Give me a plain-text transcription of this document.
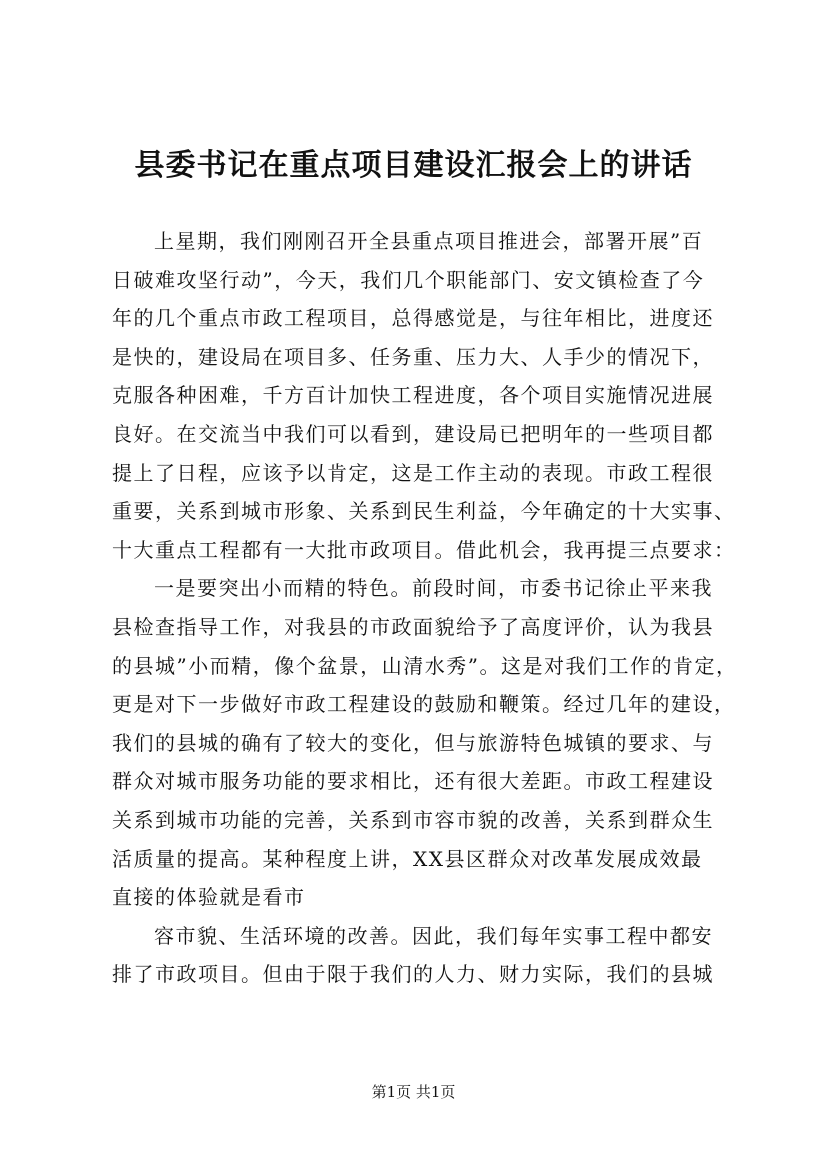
县委书记在重点项目建设汇报会上的讲话
上星期，我们刚刚召开全县重点项目推进会，部署开展”百
日破难攻坚行动”，今天，我们几个职能部门、安文镇检查了今
年的几个重点市政工程项目，总得感觉是，与往年相比，进度还
是快的，建设局在项目多、任务重、压力大、人手少的情况下，
克服各种困难，千方百计加快工程进度，各个项目实施情况进展
良好。在交流当中我们可以看到，建设局已把明年的一些项目都
提上了日程，应该予以肯定，这是工作主动的表现。市政工程很
重要，关系到城市形象、关系到民生利益，今年确定的十大实事、
十大重点工程都有一大批市政项目。借此机会，我再提三点要求：
一是要突出小而精的特色。前段时间，市委书记徐止平来我
县检查指导工作，对我县的市政面貌给予了高度评价，认为我县
的县城”小而精，像个盆景，山清水秀”。这是对我们工作的肯定，
更是对下一步做好市政工程建设的鼓励和鞭策。经过几年的建设，
我们的县城的确有了较大的变化，但与旅游特色城镇的要求、与
群众对城市服务功能的要求相比，还有很大差距。市政工程建设
关系到城市功能的完善，关系到市容市貌的改善，关系到群众生
活质量的提高。某种程度上讲，XX县区群众对改革发展成效最
直接的体验就是看市
容市貌、生活环境的改善。因此，我们每年实事工程中都安
排了市政项目。但由于限于我们的人力、财力实际，我们的县城
第1页 共1页
